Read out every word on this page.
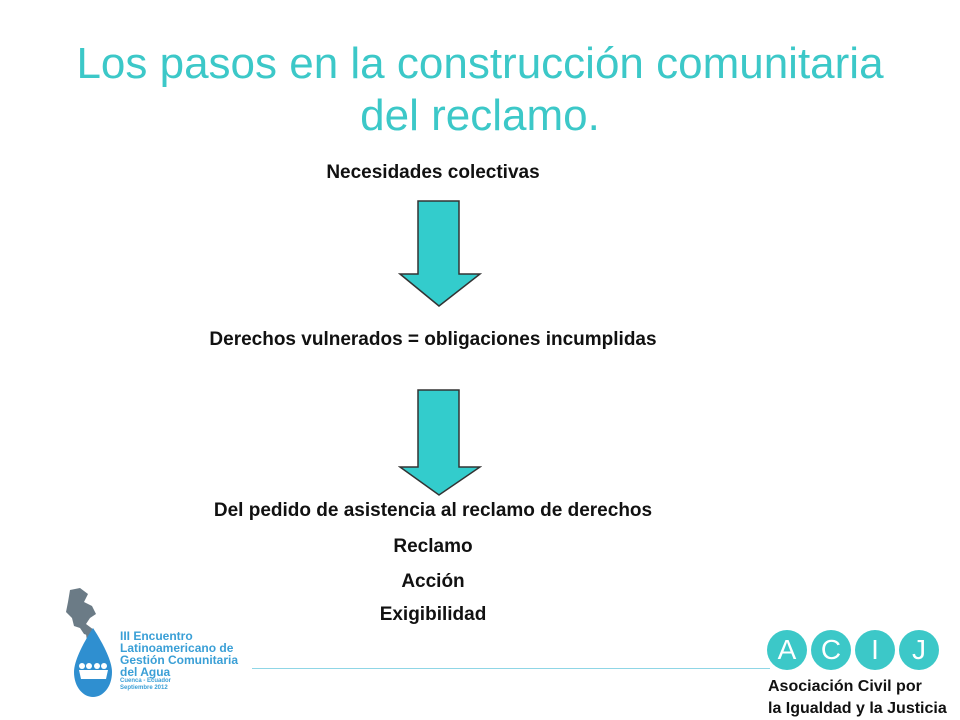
Los pasos en la construcción comunitaria
del reclamo.
Necesidades colectivas
Derechos vulnerados = obligaciones incumplidas
Del pedido de asistencia al reclamo de derechos
Reclamo
Acción
Exigibilidad
III Encuentro
Latinoamericano de
Gestión Comunitaria
del Agua
Cuenca - Ecuador
Septiembre 2012
A C	I	J
Asociación Civil por
la Igualdad y la Justicia
